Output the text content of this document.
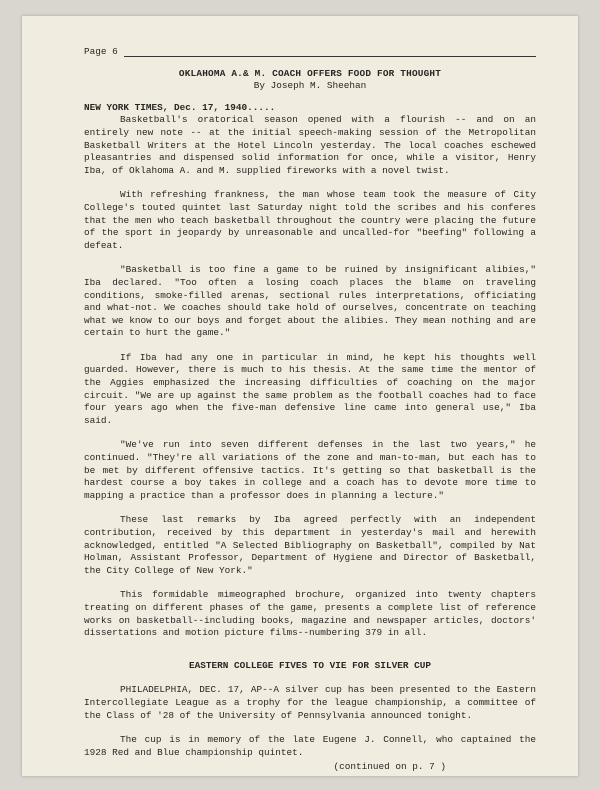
Page 6
OKLAHOMA A.& M. COACH OFFERS FOOD FOR THOUGHT
By Joseph M. Sheehan
NEW YORK TIMES, Dec. 17, 1940.....

Basketball's oratorical season opened with a flourish -- and on an entirely new note -- at the initial speech-making session of the Metropolitan Basketball Writers at the Hotel Lincoln yesterday. The local coaches eschewed pleasantries and dispensed solid information for once, while a visitor, Henry Iba, of Oklahoma A. and M. supplied fireworks with a novel twist.

With refreshing frankness, the man whose team took the measure of City College's touted quintet last Saturday night told the scribes and his conferes that the men who teach basketball throughout the country were placing the future of the sport in jeopardy by unreasonable and uncalled-for "beefing" following a defeat.

"Basketball is too fine a game to be ruined by insignificant alibies," Iba declared. "Too often a losing coach places the blame on traveling conditions, smoke-filled arenas, sectional rules interpretations, officiating and what-not. We coaches should take hold of ourselves, concentrate on teaching what we know to our boys and forget about the alibies. They mean nothing and are certain to hurt the game."

If Iba had any one in particular in mind, he kept his thoughts well guarded. However, there is much to his thesis. At the same time the mentor of the Aggies emphasized the increasing difficulties of coaching on the major circuit. "We are up against the same problem as the football coaches had to face four years ago when the five-man defensive line came into general use," Iba said.

"We've run into seven different defenses in the last two years," he continued. "They're all variations of the zone and man-to-man, but each has to be met by different offensive tactics. It's getting so that basketball is the hardest course a boy takes in college and a coach has to devote more time to mapping a practice than a professor does in planning a lecture."

These last remarks by Iba agreed perfectly with an independent contribution, received by this department in yesterday's mail and herewith acknowledged, entitled "A Selected Bibliography on Basketball", compiled by Nat Holman, Assistant Professor, Department of Hygiene and Director of Basketball, the City College of New York."

This formidable mimeographed brochure, organized into twenty chapters treating on different phases of the game, presents a complete list of reference works on basketball--including books, magazine and newspaper articles, doctors' dissertations and motion picture films--numbering 379 in all.

EASTERN COLLEGE FIVES TO VIE FOR SILVER CUP

PHILADELPHIA, DEC. 17, AP--A silver cup has been presented to the Eastern Intercollegiate League as a trophy for the league championship, a committee of the Class of '28 of the University of Pennsylvania announced tonight.

The cup is in memory of the late Eugene J. Connell, who captained the 1928 Red and Blue championship quintet.

(continued on p. 7 )
